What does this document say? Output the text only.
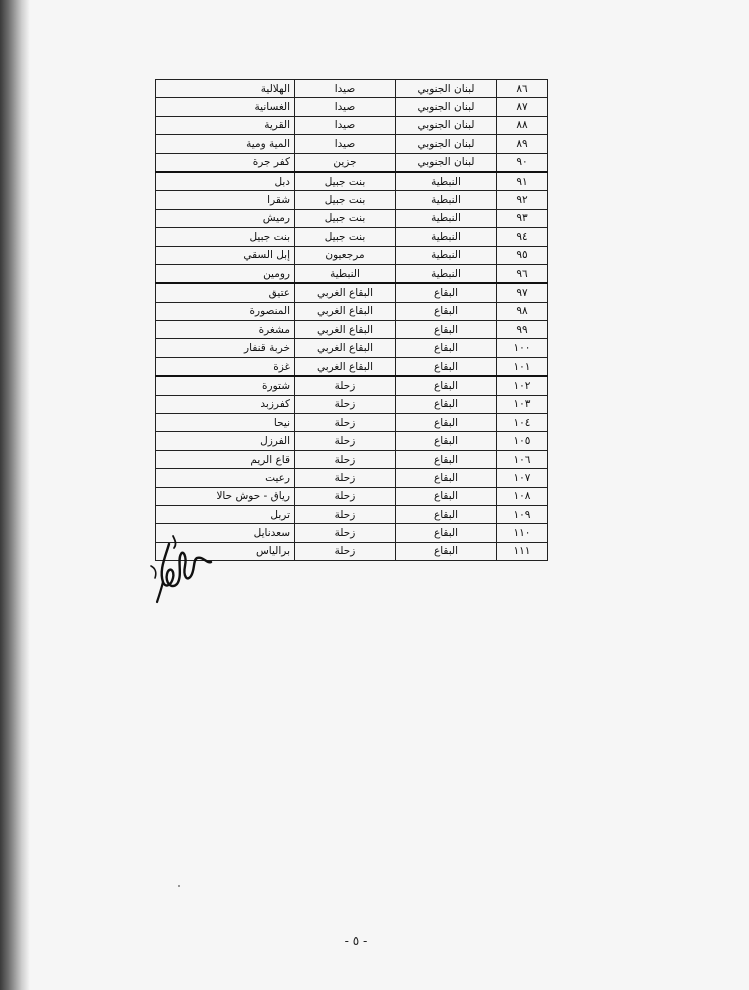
٨٦	لبنان الجنوبي	صيدا	الهلالية
٨٧	لبنان الجنوبي	صيدا	الغسانية
٨٨	لبنان الجنوبي	صيدا	القرية
٨٩	لبنان الجنوبي	صيدا	المية ومية
٩٠	لبنان الجنوبي	جزين	كفر جرة
٩١	النبطية	بنت جبيل	دبل
٩٢	النبطية	بنت جبيل	شقرا
٩٣	النبطية	بنت جبيل	رميش
٩٤	النبطية	بنت جبيل	بنت جبيل
٩٥	النبطية	مرجعيون	إبل السقي
٩٦	النبطية	النبطية	رومين
٩٧	البقاع	البقاع الغربي	عتيق
٩٨	البقاع	البقاع الغربي	المنصورة
٩٩	البقاع	البقاع الغربي	مشغرة
١٠٠	البقاع	البقاع الغربي	خربة قنفار
١٠١	البقاع	البقاع الغربي	غزة
١٠٢	البقاع	زحلة	شتورة
١٠٣	البقاع	زحلة	كفرزبد
١٠٤	البقاع	زحلة	نيحا
١٠٥	البقاع	زحلة	الفرزل
١٠٦	البقاع	زحلة	قاع الريم
١٠٧	البقاع	زحلة	رعيت
١٠٨	البقاع	زحلة	رياق - حوش حالا
١٠٩	البقاع	زحلة	تربل
١١٠	البقاع	زحلة	سعدنايل
١١١	البقاع	زحلة	برالياس
- ٥ -
